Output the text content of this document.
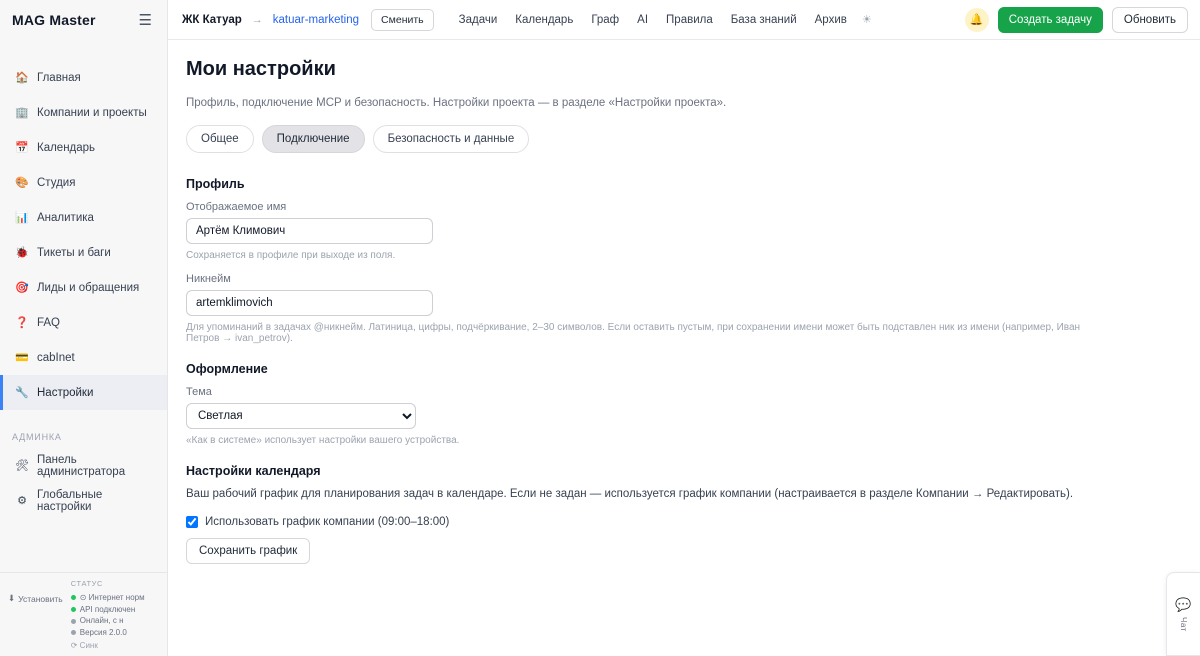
MAG Master	☰
🏠 Главная
🏢 Компании и проекты
📅 Календарь
🎨 Студия
📊 Аналитика
🐞 Тикеты и баги
🎯 Лиды и обращения
❓ FAQ
💳 cabInet
🔧 Настройки
АДМИНКА
🛠
Панель администратора
⚙
Глобальные настройки
⬇ Установить
СТАТУС
⊙ Интернет норм
API подключен
Онлайн, с н
Версия 2.0.0
⟳ Синк
ЖК Катуар → katuar-marketing	Сменить	Задачи	Календарь	Граф	AI	Правила	База знаний	Архив	☀	🔔	Создать задачу	Обновить
Мои настройки
Профиль, подключение MCP и безопасность. Настройки проекта — в разделе «Настройки проекта».
Общее	Подключение	Безопасность и данные
Профиль
Отображаемое имя
Артём Климович
Сохраняется в профиле при выходе из поля.
Никнейм
artemklimovich
Для упоминаний в задачах @никнейм. Латиница, цифры, подчёркивание, 2–30 символов. Если оставить пустым, при сохранении имени может быть подставлен ник из имени (например, Иван Петров → ivan_petrov).
Оформление
Тема
Светлая
«Как в системе» использует настройки вашего устройства.
Настройки календаря

Ваш рабочий график для планирования задач в календаре. Если не задан — используется график компании (настраивается в разделе Компании → Редактировать).

Использовать график компании (09:00–18:00)
Сохранить график
💬
Чат
